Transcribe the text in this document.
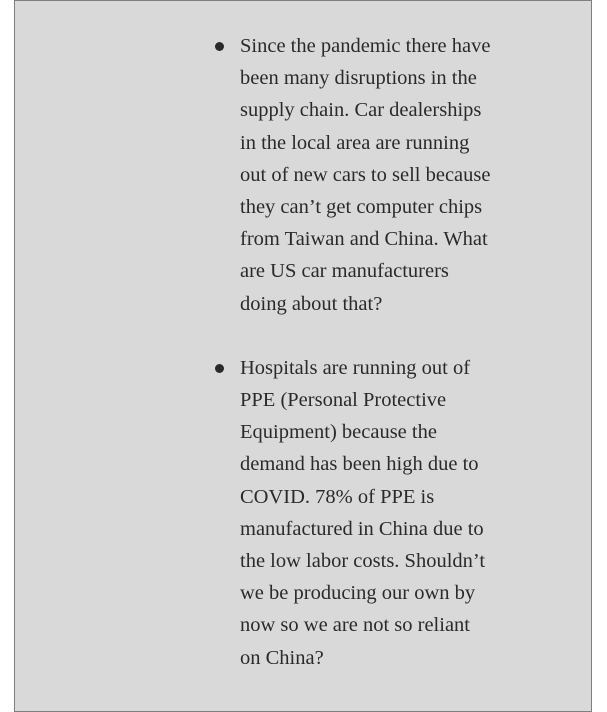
Since the pandemic there have
been many disruptions in the
supply chain. Car dealerships
in the local area are running
out of new cars to sell because
they can’t get computer chips
from Taiwan and China. What
are US car manufacturers
doing about that?
Hospitals are running out of
PPE (Personal Protective
Equipment) because the
demand has been high due to
COVID. 78% of PPE is
manufactured in China due to
the low labor costs. Shouldn’t
we be producing our own by
now so we are not so reliant
on China?
